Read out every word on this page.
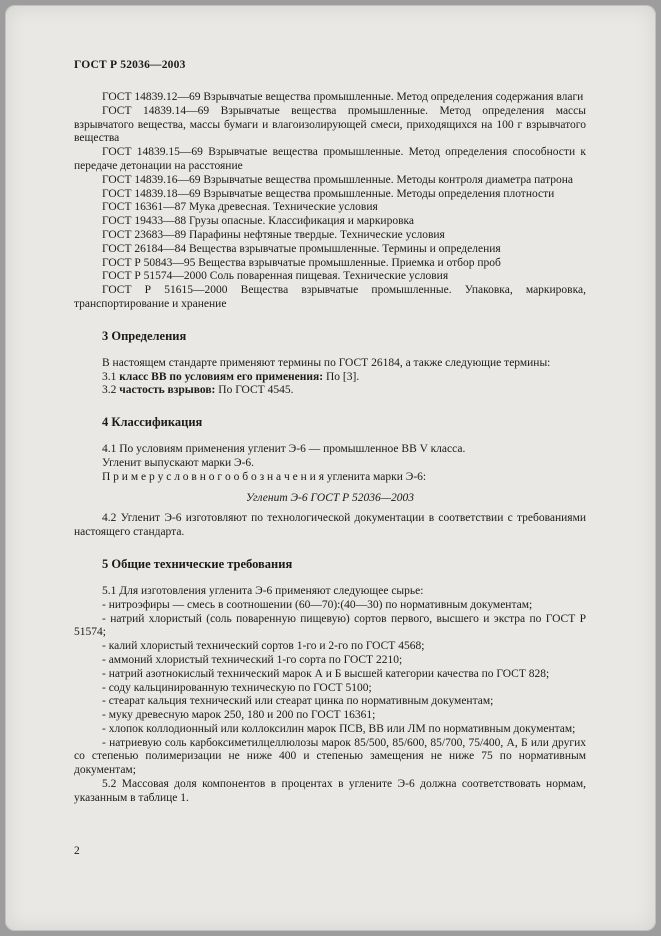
ГОСТ Р 52036—2003

ГОСТ 14839.12—69 Взрывчатые вещества промышленные. Метод определения содержания влаги

ГОСТ 14839.14—69 Взрывчатые вещества промышленные. Метод определения массы взрывчатого вещества, массы бумаги и влагоизолирующей смеси, приходящихся на 100 г взрывчатого вещества

ГОСТ 14839.15—69 Взрывчатые вещества промышленные. Метод определения способности к передаче детонации на расстояние

ГОСТ 14839.16—69 Взрывчатые вещества промышленные. Методы контроля диаметра патрона

ГОСТ 14839.18—69 Взрывчатые вещества промышленные. Методы определения плотности

ГОСТ 16361—87 Мука древесная. Технические условия

ГОСТ 19433—88 Грузы опасные. Классификация и маркировка

ГОСТ 23683—89 Парафины нефтяные твердые. Технические условия

ГОСТ 26184—84 Вещества взрывчатые промышленные. Термины и определения

ГОСТ Р 50843—95 Вещества взрывчатые промышленные. Приемка и отбор проб

ГОСТ Р 51574—2000 Соль поваренная пищевая. Технические условия

ГОСТ Р 51615—2000 Вещества взрывчатые промышленные. Упаковка, маркировка, транспортирование и хранение

3 Определения

В настоящем стандарте применяют термины по ГОСТ 26184, а также следующие термины:

3.1 класс ВВ по условиям его применения: По [3].

3.2 частость взрывов: По ГОСТ 4545.

4 Классификация

4.1 По условиям применения угленит Э-6 — промышленное ВВ V класса.

Угленит выпускают марки Э-6.

П р и м е р у с л о в н о г о о б о з н а ч е н и я угленита марки Э-6:

Угленит Э-6 ГОСТ Р 52036—2003

4.2 Угленит Э-6 изготовляют по технологической документации в соответствии с требованиями настоящего стандарта.

5 Общие технические требования

5.1 Для изготовления угленита Э-6 применяют следующее сырье:

- нитроэфиры — смесь в соотношении (60—70):(40—30) по нормативным документам;

- натрий хлористый (соль поваренную пищевую) сортов первого, высшего и экстра по ГОСТ Р 51574;

- калий хлористый технический сортов 1-го и 2-го по ГОСТ 4568;

- аммоний хлористый технический 1-го сорта по ГОСТ 2210;

- натрий азотнокислый технический марок А и Б высшей категории качества по ГОСТ 828;

- соду кальцинированную техническую по ГОСТ 5100;

- стеарат кальция технический или стеарат цинка по нормативным документам;

- муку древесную марок 250, 180 и 200 по ГОСТ 16361;

- хлопок коллодионный или коллоксилин марок ПСВ, ВВ или ЛМ по нормативным документам;

- натриевую соль карбоксиметилцеллюлозы марок 85/500, 85/600, 85/700, 75/400, А, Б или других со степенью полимеризации не ниже 400 и степенью замещения не ниже 75 по нормативным документам;

5.2 Массовая доля компонентов в процентах в углените Э-6 должна соответствовать нормам, указанным в таблице 1.

2
